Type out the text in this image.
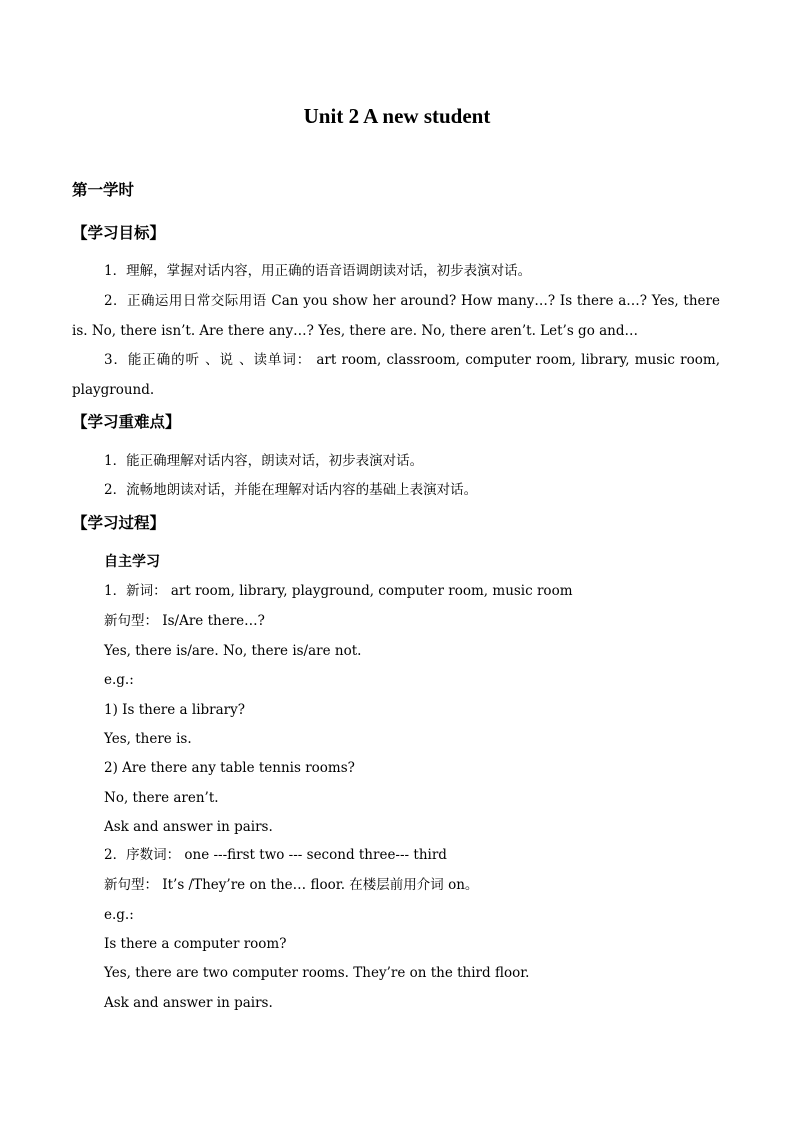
Unit 2 A new student
第一学时
【学习目标】
1．理解，掌握对话内容，用正确的语音语调朗读对话，初步表演对话。
2．正确运用日常交际用语 Can you show her around? How many…? Is there a…? Yes, there
is. No, there isn’t. Are there any…? Yes, there are. No, there aren’t. Let’s go and…
3．能正确的听 、说 、读单词： art room, classroom, computer room, library, music room,
playground.
【学习重难点】
1．能正确理解对话内容，朗读对话，初步表演对话。
2．流畅地朗读对话，并能在理解对话内容的基础上表演对话。
【学习过程】
自主学习
1．新词： art room, library, playground, computer room, music room
新句型： Is/Are there…?
Yes, there is/are. No, there is/are not.
e.g.:
1) Is there a library?
Yes, there is.
2) Are there any table tennis rooms?
No, there aren’t.
Ask and answer in pairs.
2．序数词： one ---first two --- second three--- third
新句型： It’s /They’re on the… floor. 在楼层前用介词 on。
e.g.:
Is there a computer room?
Yes, there are two computer rooms. They’re on the third floor.
Ask and answer in pairs.
